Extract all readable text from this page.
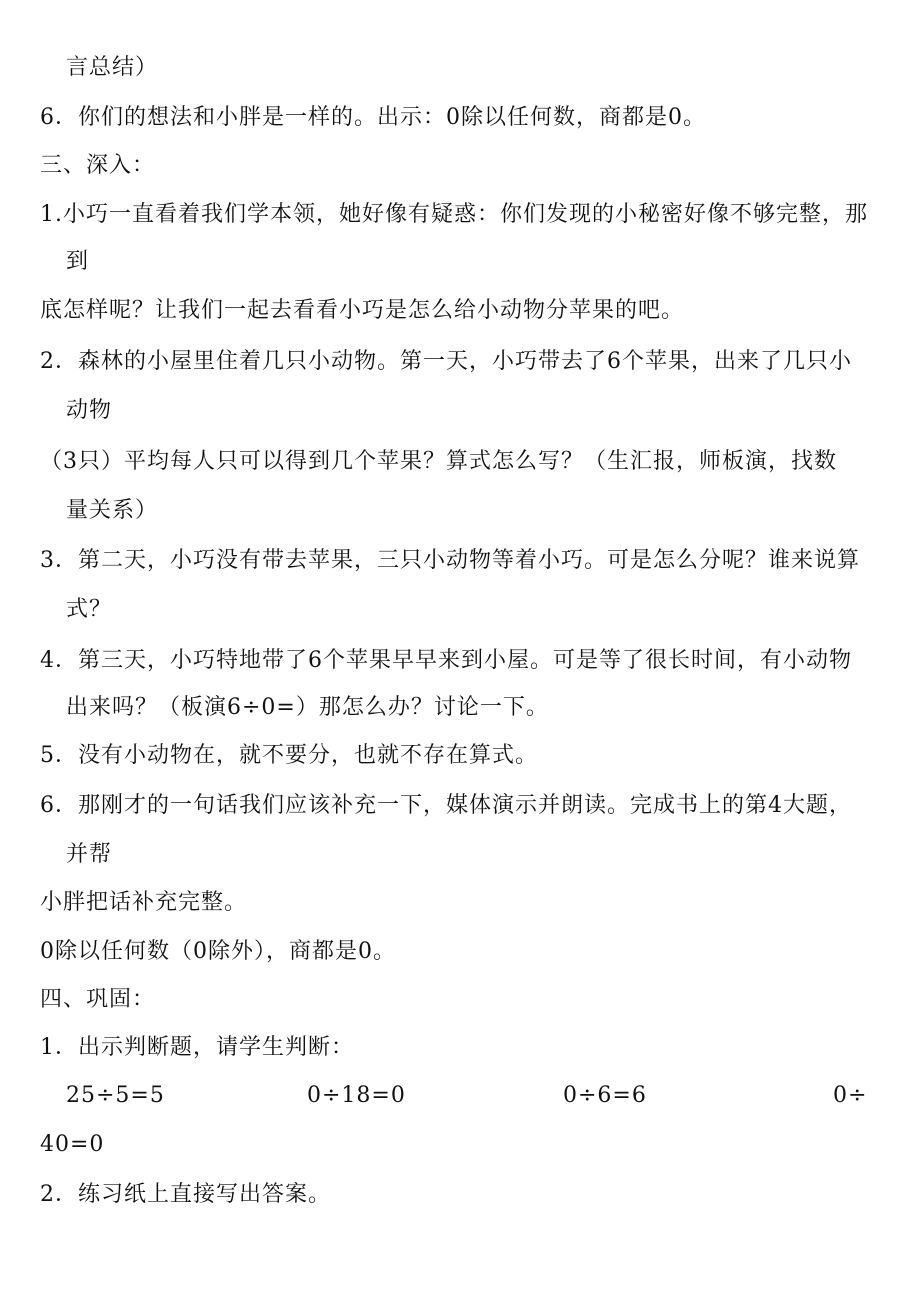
言总结）
6．你们的想法和小胖是一样的。出示：0除以任何数，商都是0。
三、深入：
1.小巧一直看着我们学本领，她好像有疑惑：你们发现的小秘密好像不够完整，那
到
底怎样呢？让我们一起去看看小巧是怎么给小动物分苹果的吧。
2．森林的小屋里住着几只小动物。第一天，小巧带去了6个苹果，出来了几只小
动物
（3只）平均每人只可以得到几个苹果？算式怎么写？（生汇报，师板演，找数
量关系）
3．第二天，小巧没有带去苹果，三只小动物等着小巧。可是怎么分呢？谁来说算
式？
4．第三天，小巧特地带了6个苹果早早来到小屋。可是等了很长时间，有小动物
出来吗？（板演6÷0=）那怎么办？讨论一下。
5．没有小动物在，就不要分，也就不存在算式。
6．那刚才的一句话我们应该补充一下，媒体演示并朗读。完成书上的第4大题，
并帮
小胖把话补充完整。
0除以任何数（0除外），商都是0。
四、巩固：
1．出示判断题，请学生判断：
25÷5=5	0÷18=0	0÷6=6	0÷
40=0
2．练习纸上直接写出答案。
